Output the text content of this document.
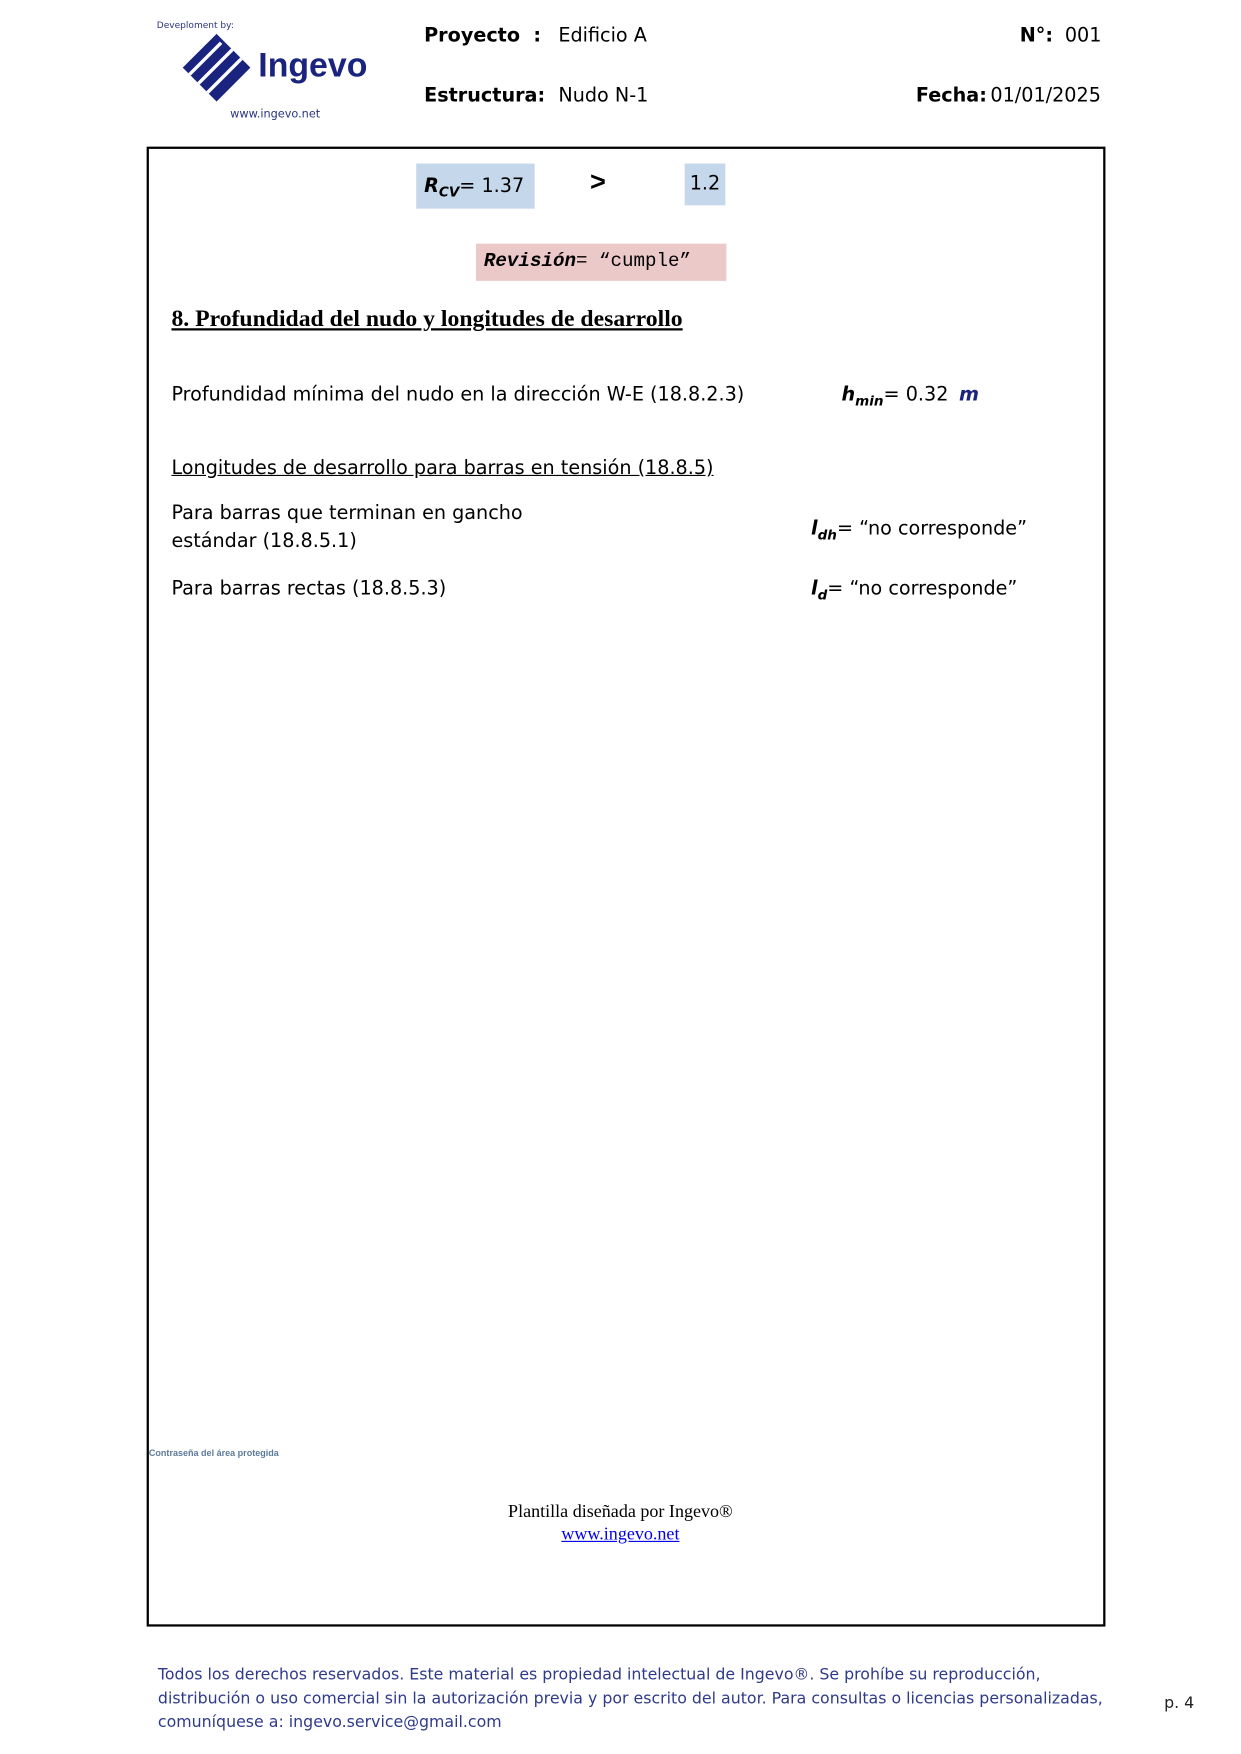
Deveploment by:
Ingevo
www.ingevo.net
Proyecto  : Edificio A
Estructura: Nudo N-1
N°: 001
Fecha: 01/01/2025
$R_{CV}= 1.37$	>	1.2
Revisión= “cumple”
8. Profundidad del nudo y longitudes de desarrollo
Profundidad mínima del nudo en la dirección W-E (18.8.2.3)	$h_{min}= 0.32$ m
Longitudes de desarrollo para barras en tensión (18.8.5)
Para barras que terminan en gancho
estándar (18.8.5.1)
$l_{dh}=$ “no corresponde”
Para barras rectas (18.8.5.3)	$l_d=$ “no corresponde”
Contraseña del área protegida
Plantilla diseñada por Ingevo®
www.ingevo.net
Todos los derechos reservados. Este material es propiedad intelectual de Ingevo®. Se prohíbe su reproducción, distribución o uso comercial sin la autorización previa y por escrito del autor. Para consultas o licencias personalizadas, comuníquese a: ingevo.service@gmail.com
p. 4
